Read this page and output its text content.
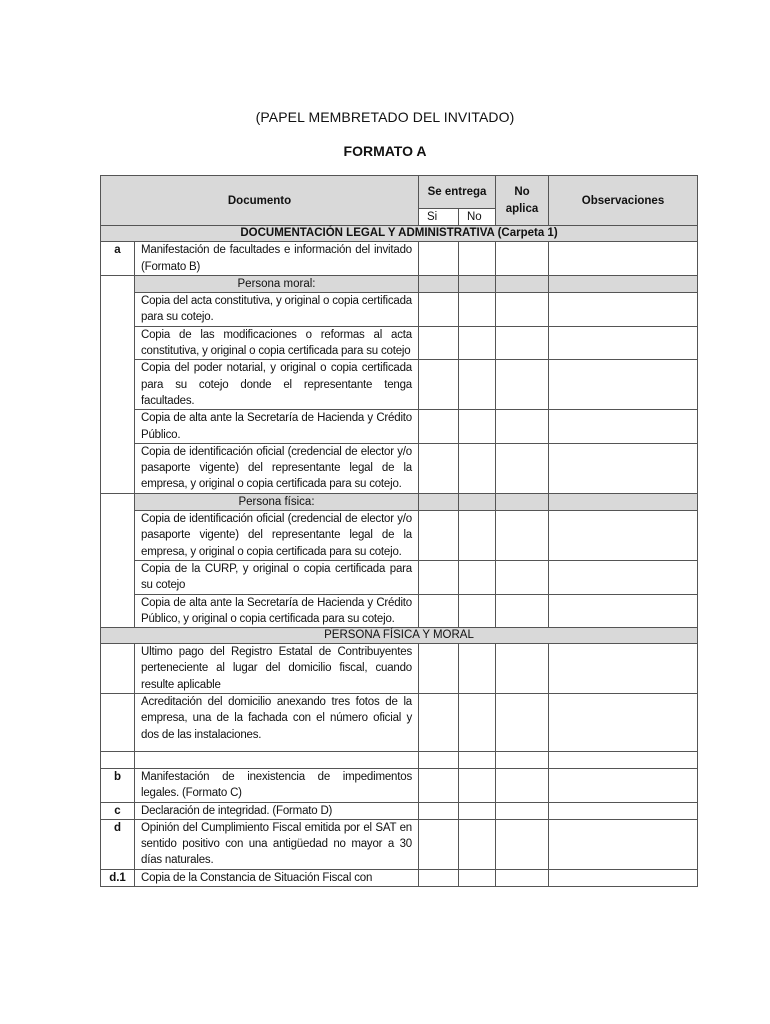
(PAPEL MEMBRETADO DEL INVITADO)
FORMATO A
Documento		Se entrega		No aplica	Observaciones
		Si	No		
DOCUMENTACIÓN LEGAL Y ADMINISTRATIVA (Carpeta 1)					
a	Manifestación de facultades e información del invitado (Formato B)				
	Persona moral:				
	Copia del acta constitutiva, y original o copia certificada para su cotejo.				
	Copia de las modificaciones o reformas al acta constitutiva, y original o copia certificada para su cotejo				
	Copia del poder notarial, y original o copia certificada para su cotejo donde el representante tenga facultades.				
	Copia de alta ante la Secretaría de Hacienda y Crédito Público.				
	Copia de identificación oficial (credencial de elector y/o pasaporte vigente) del representante legal de la empresa, y original o copia certificada para su cotejo.				
	Persona física:				
	Copia de identificación oficial (credencial de elector y/o pasaporte vigente) del representante legal de la empresa, y original o copia certificada para su cotejo.				
	Copia de la CURP, y original o copia certificada para su cotejo				
	Copia de alta ante la Secretaría de Hacienda y Crédito Público, y original o copia certificada para su cotejo.				
PERSONA FÍSICA Y MORAL					
	Ultimo pago del Registro Estatal de Contribuyentes perteneciente al lugar del domicilio fiscal, cuando resulte aplicable				
	Acreditación del domicilio anexando tres fotos de la empresa, una de la fachada con el número oficial y dos de las instalaciones.				

b	Manifestación de inexistencia de impedimentos legales. (Formato C)				
c	Declaración de integridad. (Formato D)				
d	Opinión del Cumplimiento Fiscal emitida por el SAT en sentido positivo con una antigüedad no mayor a 30 días naturales.				
d.1	Copia de la Constancia de Situación Fiscal con				
